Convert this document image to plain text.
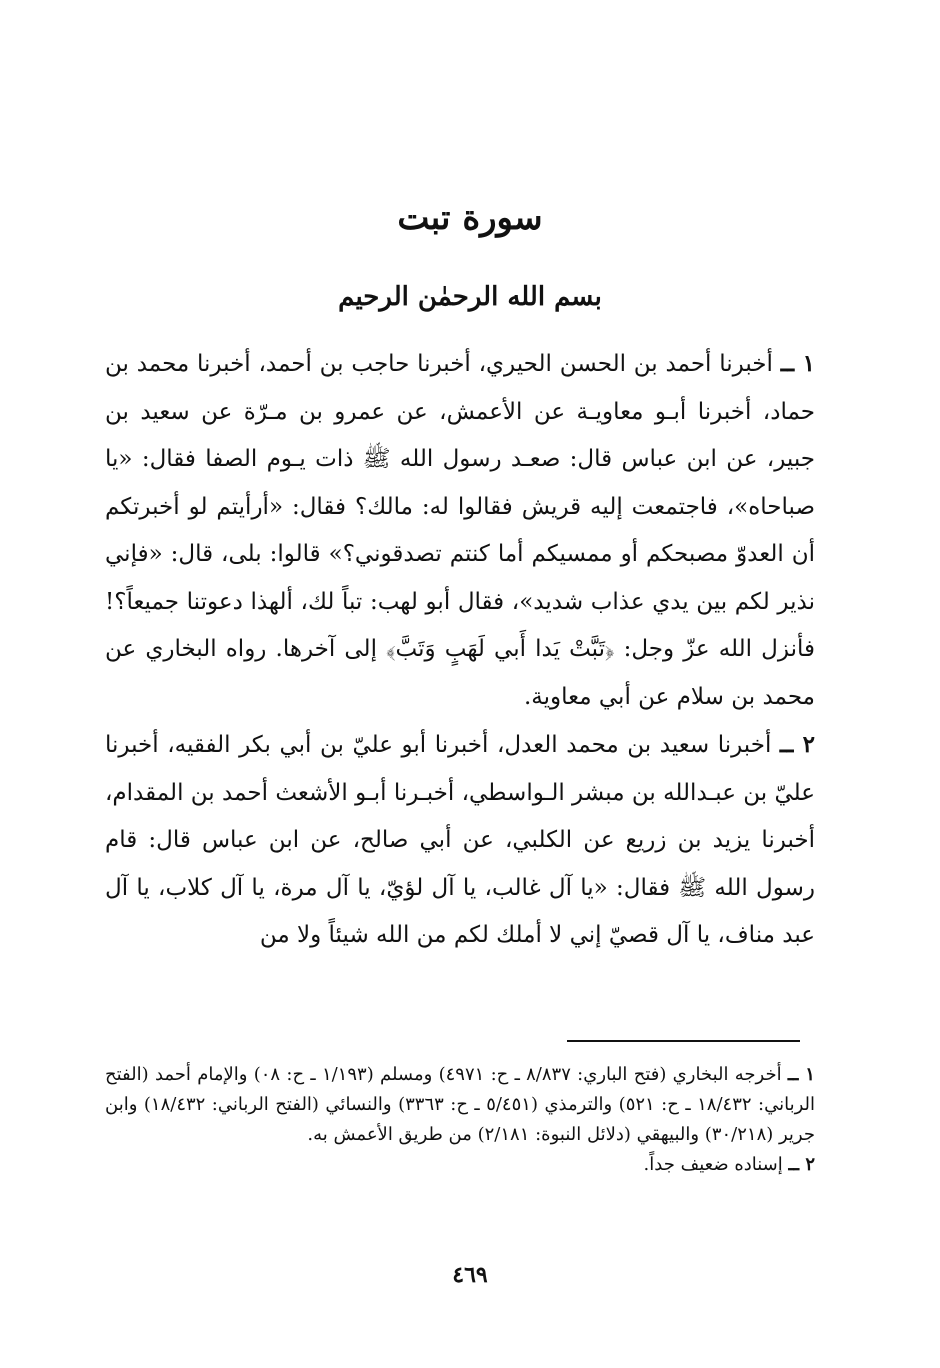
سورة تبت
بسم الله الرحمٰن الرحيم

١ ــ أخبرنا أحمد بن الحسن الحيري، أخبرنا حاجب بن أحمد، أخبرنا محمد بن حماد، أخبرنا أبـو معاويـة عن الأعمش، عن عمرو بن مـرّة عن سعيد بن جبير، عن ابن عباس قال: صعـد رسول الله ﷺ ذات يـوم الصفا فقال: «يا صباحاه»، فاجتمعت إليه قريش فقالوا له: مالك؟ فقال: «أرأيتم لو أخبرتكم أن العدوّ مصبحكم أو ممسيكم أما كنتم تصدقوني؟» قالوا: بلى، قال: «فإني نذير لكم بين يدي عذاب شديد»، فقال أبو لهب: تباً لك، ألهذا دعوتنا جميعاً؟! فأنزل الله عزّ وجل: ﴿تَبَّتْ يَدا أَبي لَهَبٍ وَتَبَّ﴾ إلى آخرها. رواه البخاري عن محمد بن سلام عن أبي معاوية.

٢ ــ أخبرنا سعيد بن محمد العدل، أخبرنا أبو عليّ بن أبي بكر الفقيه، أخبرنا عليّ بن عبـدالله بن مبشر الـواسطي، أخبـرنا أبـو الأشعث أحمد بن المقدام، أخبرنا يزيد بن زريع عن الكلبي، عن أبي صالح، عن ابن عباس قال: قام رسول الله ﷺ فقال: «يا آل غالب، يا آل لؤيّ، يا آل مرة، يا آل كلاب، يا آل عبد مناف، يا آل قصيّ إني لا أملك لكم من الله شيئاً ولا من

١ ــ أخرجه البخاري (فتح الباري: ٨/٨٣٧ ـ ح: ٤٩٧١) ومسلم (١/١٩٣ ـ ح: ٠٨) والإمام أحمد (الفتح الرباني: ١٨/٤٣٢ ـ ح: ٥٢١) والترمذي (٥/٤٥١ ـ ح: ٣٣٦٣) والنسائي (الفتح الرباني: ١٨/٤٣٢) وابن جرير (٣٠/٢١٨) والبيهقي (دلائل النبوة: ٢/١٨١) من طريق الأعمش به.

٢ ــ إسناده ضعيف جداً.

٤٦٩
